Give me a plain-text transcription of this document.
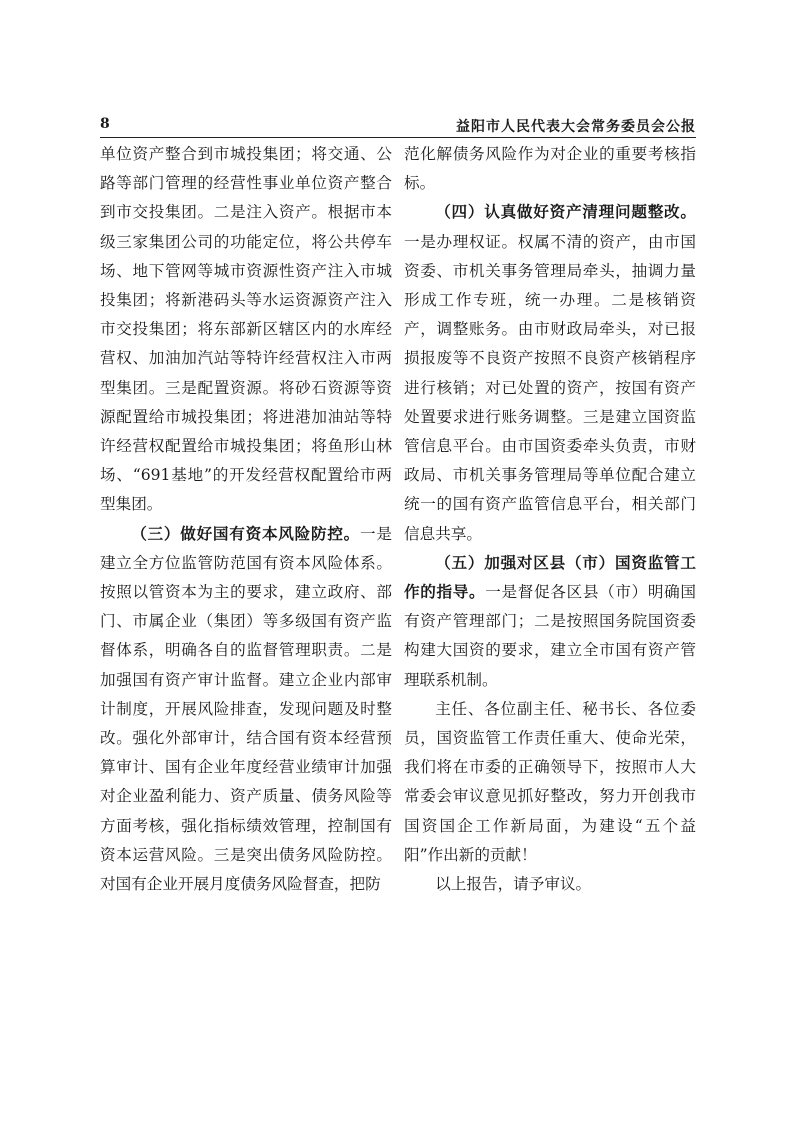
8	益阳市人民代表大会常务委员会公报

单位资产整合到市城投集团；将交通、公路等部门管理的经营性事业单位资产整合到市交投集团。二是注入资产。根据市本级三家集团公司的功能定位，将公共停车场、地下管网等城市资源性资产注入市城投集团；将新港码头等水运资源资产注入市交投集团；将东部新区辖区内的水库经营权、加油加汽站等特许经营权注入市两型集团。三是配置资源。将砂石资源等资源配置给市城投集团；将进港加油站等特许经营权配置给市城投集团；将鱼形山林场、“691基地”的开发经营权配置给市两型集团。

（三）做好国有资本风险防控。一是建立全方位监管防范国有资本风险体系。按照以管资本为主的要求，建立政府、部门、市属企业（集团）等多级国有资产监督体系，明确各自的监督管理职责。二是加强国有资产审计监督。建立企业内部审计制度，开展风险排查，发现问题及时整改。强化外部审计，结合国有资本经营预算审计、国有企业年度经营业绩审计加强对企业盈利能力、资产质量、债务风险等方面考核，强化指标绩效管理，控制国有资本运营风险。三是突出债务风险防控。对国有企业开展月度债务风险督查，把防

范化解债务风险作为对企业的重要考核指标。

（四）认真做好资产清理问题整改。一是办理权证。权属不清的资产，由市国资委、市机关事务管理局牵头，抽调力量形成工作专班，统一办理。二是核销资产，调整账务。由市财政局牵头，对已报损报废等不良资产按照不良资产核销程序进行核销；对已处置的资产，按国有资产处置要求进行账务调整。三是建立国资监管信息平台。由市国资委牵头负责，市财政局、市机关事务管理局等单位配合建立统一的国有资产监管信息平台，相关部门信息共享。

（五）加强对区县（市）国资监管工作的指导。一是督促各区县（市）明确国有资产管理部门；二是按照国务院国资委构建大国资的要求，建立全市国有资产管理联系机制。

主任、各位副主任、秘书长、各位委员，国资监管工作责任重大、使命光荣，我们将在市委的正确领导下，按照市人大常委会审议意见抓好整改，努力开创我市国资国企工作新局面，为建设“五个益阳”作出新的贡献！

以上报告，请予审议。
